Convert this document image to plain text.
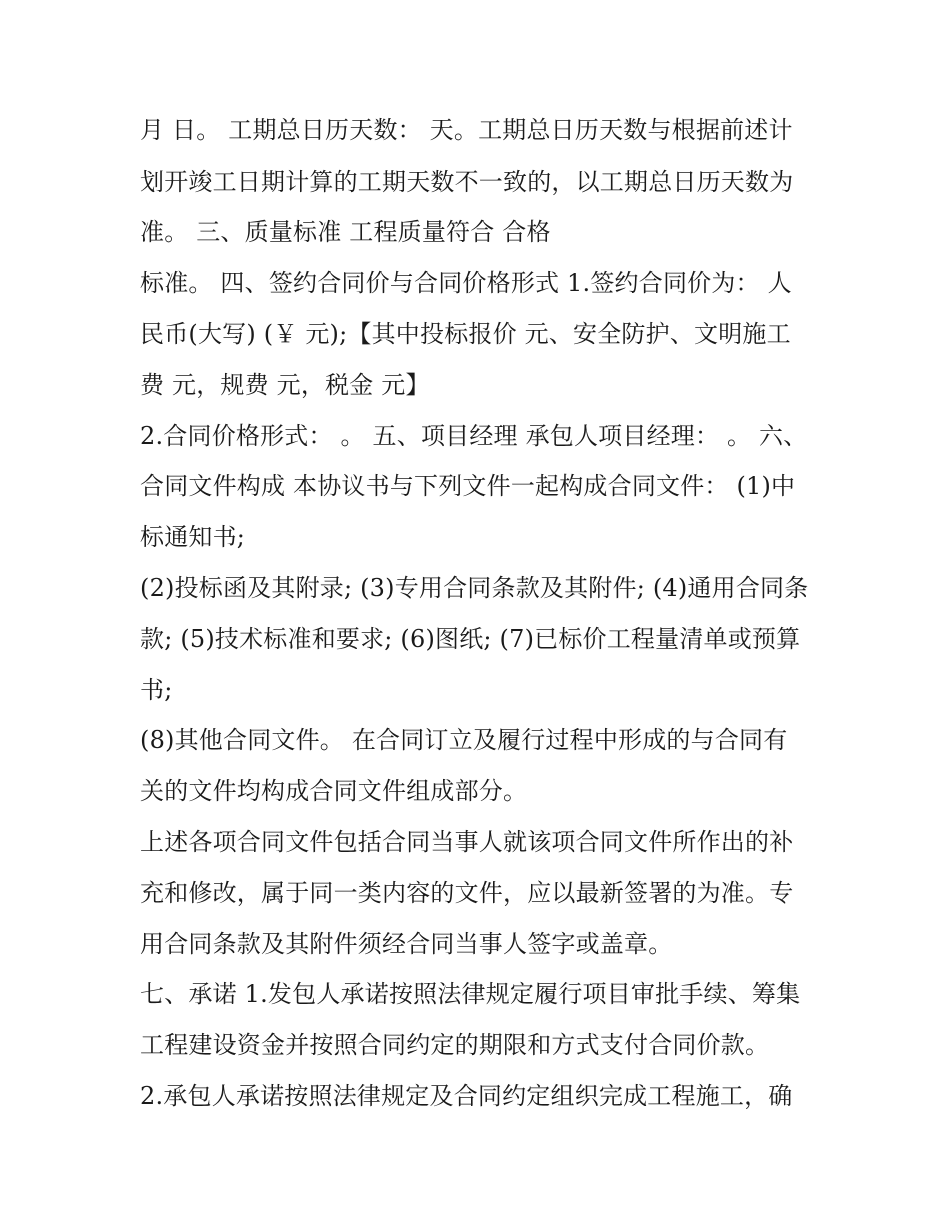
月 日。 工期总日历天数： 天。工期总日历天数与根据前述计
划开竣工日期计算的工期天数不一致的，以工期总日历天数为
准。 三、质量标准 工程质量符合 合格
标准。 四、签约合同价与合同价格形式 1.签约合同价为： 人
民币(大写) (￥ 元);【其中投标报价 元、安全防护、文明施工
费 元，规费 元，税金 元】
2.合同价格形式： 。 五、项目经理 承包人项目经理： 。 六、
合同文件构成 本协议书与下列文件一起构成合同文件： (1)中
标通知书;
(2)投标函及其附录; (3)专用合同条款及其附件; (4)通用合同条
款; (5)技术标准和要求; (6)图纸; (7)已标价工程量清单或预算
书;
(8)其他合同文件。 在合同订立及履行过程中形成的与合同有
关的文件均构成合同文件组成部分。
上述各项合同文件包括合同当事人就该项合同文件所作出的补
充和修改，属于同一类内容的文件，应以最新签署的为准。专
用合同条款及其附件须经合同当事人签字或盖章。
七、承诺 1.发包人承诺按照法律规定履行项目审批手续、筹集
工程建设资金并按照合同约定的期限和方式支付合同价款。
2.承包人承诺按照法律规定及合同约定组织完成工程施工，确
